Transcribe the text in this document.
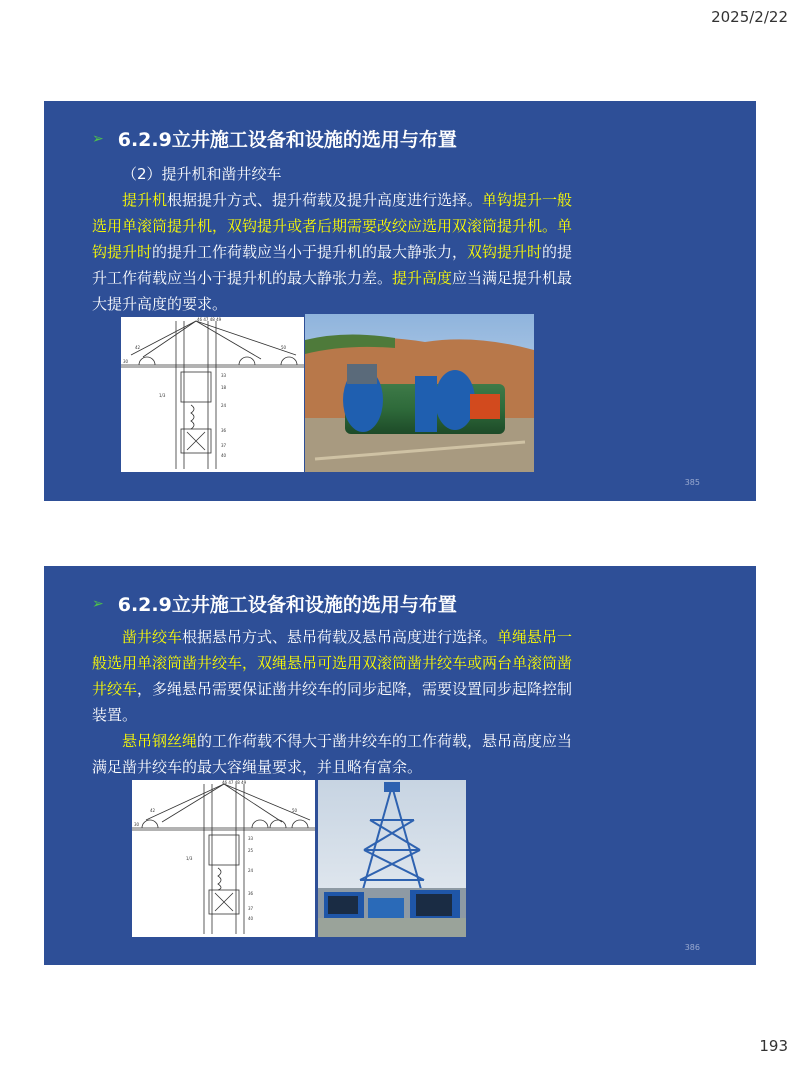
2025/2/22
➢ 6.2.9立井施工设备和设施的选用与布置
（2）提升机和凿井绞车
提升机根据提升方式、提升荷载及提升高度进行选择。单钩提升一般选用单滚筒提升机，双钩提升或者后期需要改绞应选用双滚筒提升机。单钩提升时的提升工作荷载应当小于提升机的最大静张力，双钩提升时的提升工作荷载应当小于提升机的最大静张力差。提升高度应当满足提升机最大提升高度的要求。
46 47 48 49
42
30
50
33
18
1/3
24
36
37
40
385
➢ 6.2.9立井施工设备和设施的选用与布置
凿井绞车根据悬吊方式、悬吊荷载及悬吊高度进行选择。单绳悬吊一般选用单滚筒凿井绞车，双绳悬吊可选用双滚筒凿井绞车或两台单滚筒凿井绞车，多绳悬吊需要保证凿井绞车的同步起降，需要设置同步起降控制装置。
悬吊钢丝绳的工作荷载不得大于凿井绞车的工作荷载，悬吊高度应当满足凿井绞车的最大容绳量要求，并且略有富余。
46 47 48 49
42
30
50
33
25
1/3
24
36
37
40
386
193
